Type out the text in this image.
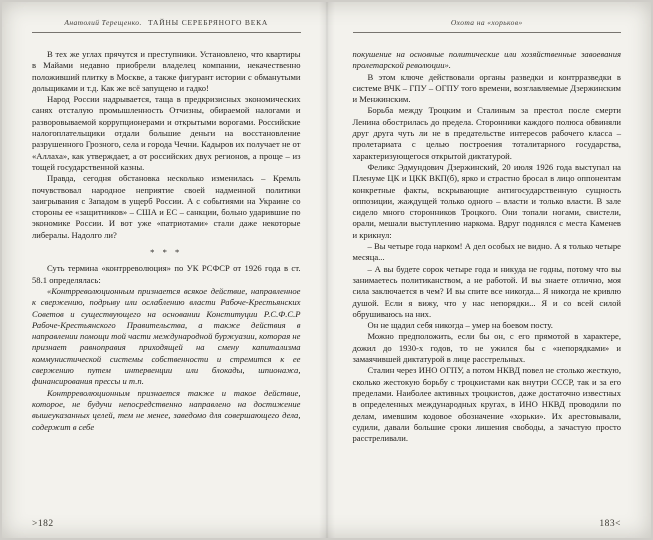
Анатолий Терещенко. ТАЙНЫ СЕРЕБРЯНОГО ВЕКА

В тех же углах прячутся и преступники. Установлено, что квартиры в Майами недавно приобрели владелец компании, некачественно положивший плитку в Москве, а также фигурант истории с обманутыми дольщиками и т.д. Как же всё запущено и гадко!

Народ России надрывается, таща в предкризисных экономических санях отсталую промышленность Отчизны, обираемой налогами и разворовываемой коррупционерами и открытыми ворогами. Российские налогоплательщики отдали большие деньги на восстановление разрушенного Грозного, села и города Чечни. Кадыров их получает не от «Аллаха», как утверждает, а от российских двух регионов, а проще – из тощей государственной казны.

Правда, сегодня обстановка несколько изменилась – Кремль почувствовал народное неприятие своей надменной политики заигрывания с Западом в ущерб России. А с событиями на Украине со стороны ее «защитников» – США и ЕС – санкции, больно ударившие по экономике России. И вот уже «патриотами» стали даже некоторые либералы. Надолго ли?

* * *

Суть термина «контрреволюция» по УК РСФСР от 1926 года в ст. 58.1 определялась:

«Контрреволюционным признается всякое действие, направленное к свержению, подрыву или ослаблению власти Рабоче-Крестьянских Советов и существующего на основании Конституции Р.С.Ф.С.Р Рабоче-Крестьянского Правительства, а также действия в направлении помощи той части международной буржуазии, которая не признает равноправия приходящей на смену капитализма коммунистической системы собственности и стремится к ее свержению путем интервенции или блокады, шпионажа, финансирования прессы и т.п.

Контрреволюционным признается также и такое действие, которое, не будучи непосредственно направлено на достижение вышеуказанных целей, тем не менее, заведомо для совершающего дела, содержит в себе

>182
Охота на «хорьков»

покушение на основные политические или хозяйственные завоевания пролетарской революции».

В этом ключе действовали органы разведки и контрразведки в системе ВЧК – ГПУ – ОГПУ того времени, возглавляемые Дзержинским и Менжинским.

Борьба между Троцким и Сталиным за престол после смерти Ленина обострилась до предела. Сторонники каждого полюса обвиняли друг друга чуть ли не в предательстве интересов рабочего класса – пролетариата с целью построения тоталитарного государства, характеризующегося открытой диктатурой.

Феликс Эдмундович Дзержинский, 20 июля 1926 года выступал на Пленуме ЦК и ЦКК ВКП(б), ярко и страстно бросал в лицо оппонентам конкретные факты, вскрывающие антигосударственную сущность оппозиции, жаждущей только одного – власти и только власти. В зале сидело много сторонников Троцкого. Они топали ногами, свистели, орали, мешали выступлению наркома. Вдруг поднялся с места Каменев и крикнул:

– Вы четыре года нарком! А дел особых не видно. А я только четыре месяца...

– А вы будете сорок четыре года и никуда не годны, потому что вы занимаетесь политиканством, а не работой. И вы знаете отлично, моя сила заключается в чем? И вы спите все никогда... Я никогда не кривлю душой. Если я вижу, что у нас непорядки... Я и со всей силой обрушиваюсь на них.

Он не щадил себя никогда – умер на боевом посту.

Можно предположить, если бы он, с его прямотой в характере, дожил до 1930-х годов, то не ужился бы с «непорядками» и замаячившей диктатурой в лице расстрельных.

Сталин через ИНО ОГПУ, а потом НКВД повел не столько жесткую, сколько жестокую борьбу с троцкистами как внутри СССР, так и за его пределами. Наиболее активных троцкистов, даже достаточно известных в определенных международных кругах, в ИНО НКВД проводили по делам, имевшим кодовое обозначение «хорьки». Их арестовывали, судили, давали большие сроки лишения свободы, а зачастую просто расстреливали.

183<
